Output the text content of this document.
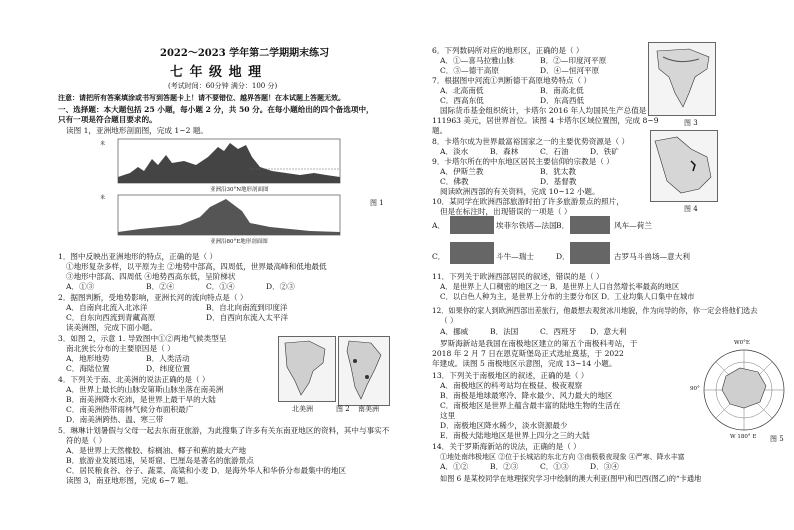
2022～2023 学年第二学期期末练习
七 年 级 地 理
(考试时间：60分钟 满分：100 分)
注意：请把所有答案填涂或书写到答题卡上！请不要错位、越界答题！在本试题上答题无效。
一、选择题：本大题包括 25 小题，每小题 2 分，共 50 分。在每小题给出的四个备选项中，
只有一项是符合题目要求的。
读图 1，亚洲地形剖面图，完成 1~2 题。
米
米
亚洲沿30°N地形剖面图
亚洲沿80°E地形剖面图
图 1
1．图中反映出亚洲地形的特点，正确的是（ ）
①地形复杂多样，以平原为主 ②地势中部高，四周低，世界最高峰和低地最低
③地形中部高、四周低 ④地势西高东低，呈阶梯状
A．①③	B．②④	C．①④	D．②③
2．据图判断，受地势影响，亚洲长河的流向特点是（ ）
A．自南向北流入北冰洋	B．自北向南流到印度洋
C．自东向西流到青藏高原	D．自西向东流入太平洋
读美洲图，完成下面小题。
3．如图 2，示意 1. 导致图中①②两地气候类型呈
南北狭长分布的主要原因是（ ）
A．地形地势	B．人类活动
C．海陆位置	D．纬度位置
北美洲	图 2 南美洲
4．下列关于南、北美洲的说法正确的是（ ）
A．世界上最长的山脉安第斯山脉坐落在南美洲
B．南美洲降水充沛，是世界上最干旱的大陆
C．南美洲热带雨林气候分布面积最广
D．南美洲跨热、温、寒三带
5．琳琳计划暑假与父母一起去东南亚旅游，为此搜集了许多有关东南亚地区的资料，其中与事实不
符的是（ ）
A．是世界上天然橡胶、棕榈油、椰子和蕉的最大产地
B．旅游业发展迅速，吴哥窟、巴厘岛是著名的旅游景点
C．居民粮食谷、谷子、蔬菜、高粱和小麦 D．是海外华人和华侨分布最集中的地区
读图 3，南亚地形图，完成 6~7 题。
6．下列数码所对应的地形区，正确的是（ ）
A．①—喜马拉雅山脉	B．②—印度河平原
C．③—德干高原	D．④—恒河平原
7．根据图中河流①判断德干高原地势特点（ ）
A．北高南低	B．南高北低
C．西高东低	D．东高西低
国际货币基金组织统计，卡塔尔 2016 年人均国民生产总值是
111963 美元，居世界首位。读图 4 卡塔尔区域位置图，完成 8~9
题。
图 3
8．卡塔尔成为世界最富裕国家之一的主要优势资源是（ ）
A．淡水	B．森林	C．石油	D．铁矿
9．卡塔尔所在的中东地区居民主要信仰的宗教是（ ）
A．伊斯兰教	B．犹太教
C．佛教	D．基督教
阅读欧洲西部的有关资料，完成 10~12 小题。
图 4
10．某同学在欧洲西部旅游时拍了许多旅游景点的照片，
但是在标注时，出现错误的一项是（ ）
A．	埃菲尔铁塔—法国 B．	风车—荷兰
C．	斗牛—瑞士	D．	古罗马斗兽场—意大利
11．下列关于欧洲西部居民的叙述，错误的是（ ）
A．是世界上人口稠密的地区之一 B．是世界上人口自然增长率最高的地区
C．以白色人种为主，是世界上分布的主要分布区 D．工业均集人口集中在城市
12．如果你的家人到欧洲西部出差旅行，他最想去观赏冰川地貌，作为向导的你，你一定会将他们选去
（ ）
A．挪威	B．法国	C．西班牙 D．意大利
罗斯海新站是我国在南极地区建立的第五个南极科考站，于
2018 年 2 月 7 日在恩克斯堡岛正式选址奠基，于 2022
年建成。读图 5 南极地区示意图，完成 13~14 小题。
13．下列关于南极地区的叙述，正确的是（ ）
A．南极地区的科考站均在极昼、极夜观察
B．南极是地球最寒冷、降水最少、风力最大的地区
C．南极地区是世界上蕴含最丰富的陆地生物的生活在
这里
D．南极地区降水稀少，淡水资源最少
E．南极大陆地地区是世界上四分之三的大陆
W0°E
W 180° E
90°
图 5
14．关于罗斯海新站的说法，正确的是（ ）
①地处南纬极地区 ②位于长城站的东北方向 ③南极极夜现象 ④严寒、降水丰富
A．①②	B．②③	C．①③	D．③④
如图 6 是某校同学在地理探究学习中绘制的澳大利亚(图甲)和巴西(图乙)的“卡通地
